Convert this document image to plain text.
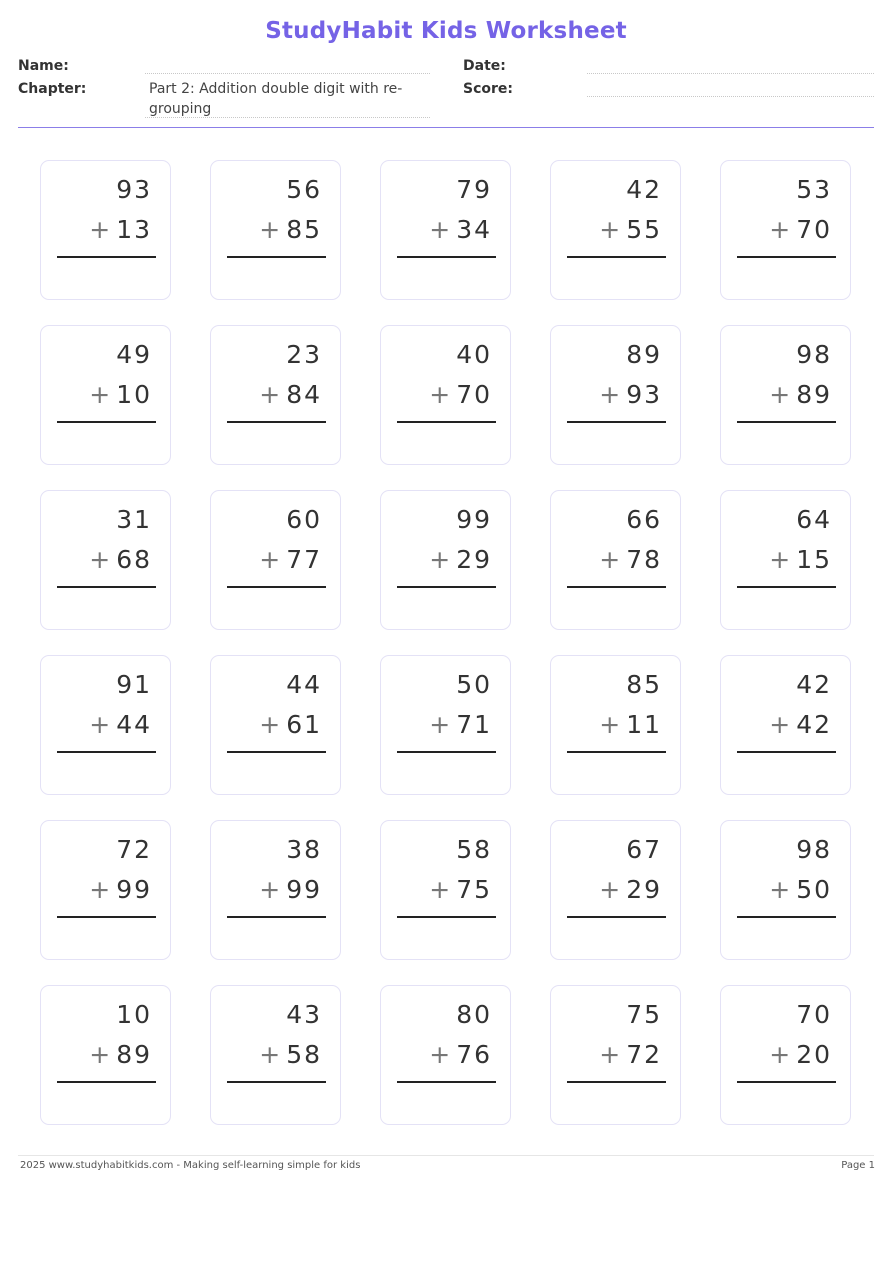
StudyHabit Kids Worksheet
Name:
Chapter:	Part 2: Addition double digit with re-grouping
Date:
Score:
93
+ 13
56
+ 85
79
+ 34
42
+ 55
53
+ 70
49
+ 10
23
+ 84
40
+ 70
89
+ 93
98
+ 89
31
+ 68
60
+ 77
99
+ 29
66
+ 78
64
+ 15
91
+ 44
44
+ 61
50
+ 71
85
+ 11
42
+ 42
72
+ 99
38
+ 99
58
+ 75
67
+ 29
98
+ 50
10
+ 89
43
+ 58
80
+ 76
75
+ 72
70
+ 20
2025 www.studyhabitkids.com - Making self-learning simple for kids	Page 1
